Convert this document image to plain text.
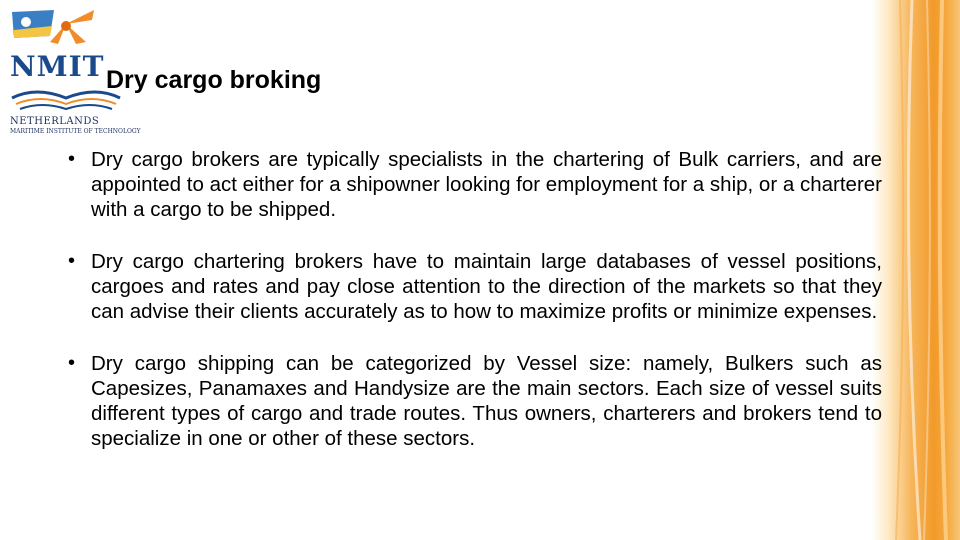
NMIT
NETHERLANDS
MARITIME INSTITUTE OF TECHNOLOGY
Dry cargo broking
• Dry cargo brokers are typically specialists in the chartering of Bulk carriers, and are appointed to act either for a shipowner looking for employment for a ship, or a charterer with a cargo to be shipped.
• Dry cargo chartering brokers have to maintain large databases of vessel positions, cargoes and rates and pay close attention to the direction of the markets so that they can advise their clients accurately as to how to maximize profits or minimize expenses.
• Dry cargo shipping can be categorized by Vessel size: namely, Bulkers such as Capesizes, Panamaxes and Handysize are the main sectors. Each size of vessel suits different types of cargo and trade routes. Thus owners, charterers and brokers tend to specialize in one or other of these sectors.
